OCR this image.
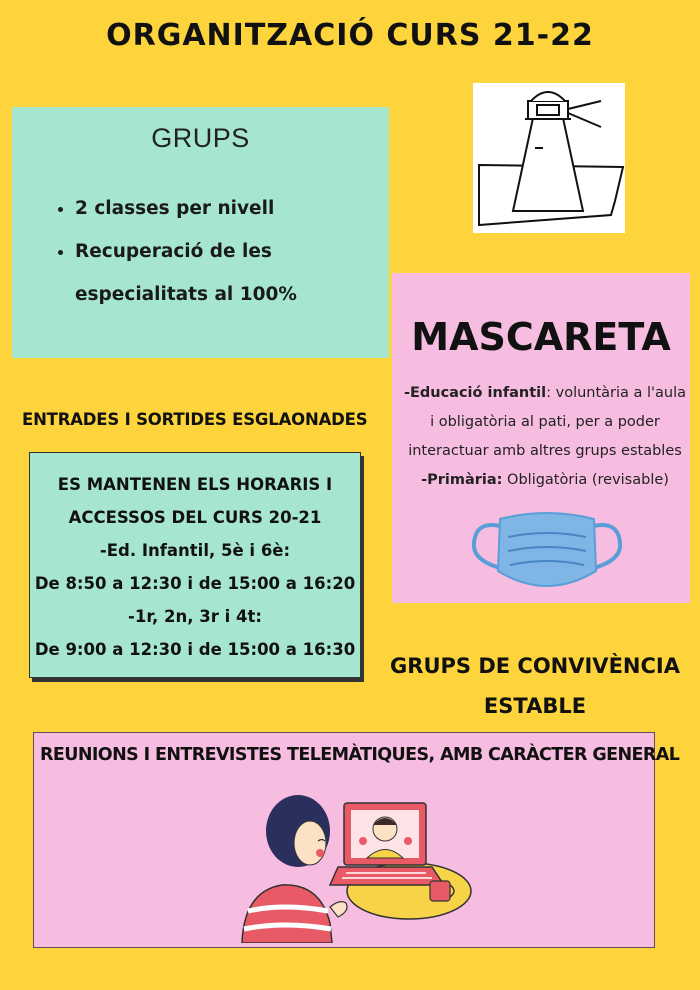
ORGANITZACIÓ CURS 21-22
GRUPS
• 2 classes per nivell
• Recuperació de les especialitats al 100%
MASCARETA
-Educació infantil: voluntària a l'aula i obligatòria al pati, per a poder interactuar amb altres grups estables
-Primària: Obligatòria (revisable)
ENTRADES I SORTIDES ESGLAONADES
ES MANTENEN ELS HORARIS I
ACCESSOS DEL CURS 20-21
-Ed. Infantil, 5è i 6è:
De 8:50 a 12:30 i de 15:00 a 16:20
-1r, 2n, 3r i 4t:
De 9:00 a 12:30 i de 15:00 a 16:30
GRUPS DE CONVIVÈNCIA
ESTABLE
REUNIONS I ENTREVISTES TELEMÀTIQUES, AMB CARÀCTER GENERAL
